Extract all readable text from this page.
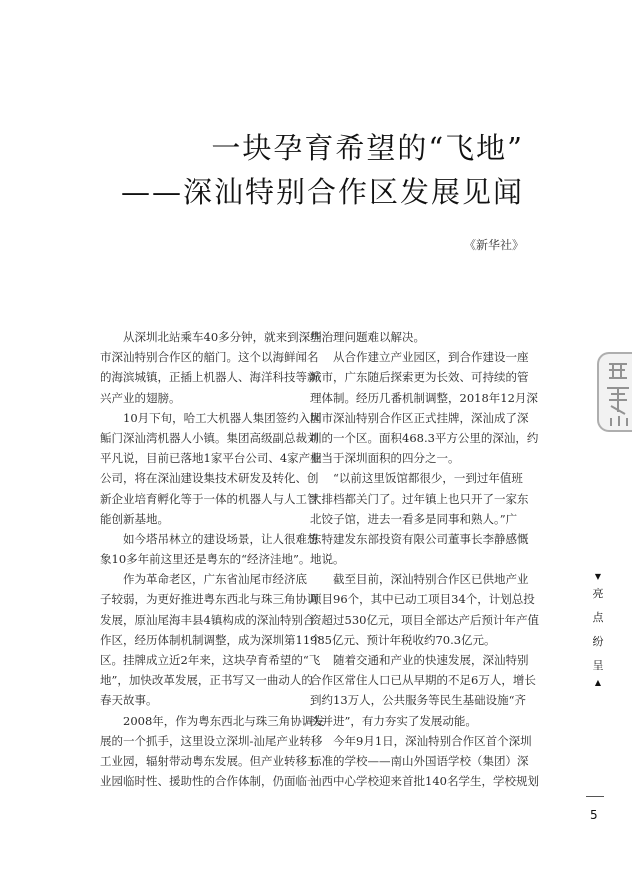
一块孕育希望的“飞地”
——深汕特别合作区发展见闻
《新华社》
从深圳北站乘车40多分钟，就来到深圳
市深汕特别合作区的艏门。这个以海鲜闻名
的海滨城镇，正插上机器人、海洋科技等新
兴产业的翅膀。
10月下旬，哈工大机器人集团签约入园
鲘门深汕湾机器人小镇。集团高级副总裁刘
平凡说，目前已落地1家平台公司、4家产业
公司，将在深汕建设集技术研发及转化、创
新企业培育孵化等于一体的机器人与人工智
能创新基地。
如今塔吊林立的建设场景，让人很难想
象10多年前这里还是粤东的“经济洼地”。
作为革命老区，广东省汕尾市经济底
子较弱，为更好推进粤东西北与珠三角协调
发展，原汕尾海丰县4镇构成的深汕特别合
作区，经历体制机制调整，成为深圳第11个
区。挂牌成立近2年来，这块孕育希望的“飞
地”，加快改革发展，正书写又一曲动人的
春天故事。
2008年，作为粤东西北与珠三角协调发
展的一个抓手，这里设立深圳-汕尾产业转移
工业园，辐射带动粤东发展。但产业转移工
业园临时性、援助性的合作体制，仍面临一
些治理问题难以解决。
从合作建立产业园区，到合作建设一座
城市，广东随后探索更为长效、可持续的管
理体制。经历几番机制调整，2018年12月深
圳市深汕特别合作区正式挂牌，深汕成了深
圳的一个区。面积468.3平方公里的深汕，约
相当于深圳面积的四分之一。
“以前这里饭馆都很少，一到过年值班
大排档都关门了。过年镇上也只开了一家东
北饺子馆，进去一看多是同事和熟人。”广
东特建发东部投资有限公司董事长李静感慨
地说。
截至目前，深汕特别合作区已供地产业
项目96个，其中已动工项目34个，计划总投
资超过530亿元，项目全部达产后预计年产值
985亿元、预计年税收约70.3亿元。
随着交通和产业的快速发展，深汕特别
合作区常住人口已从早期的不足6万人，增长
到约13万人，公共服务等民生基础设施“齐
头并进”，有力夯实了发展动能。
今年9月1日，深汕特别合作区首个深圳
标准的学校——南山外国语学校（集团）深
汕西中心学校迎来首批140名学生，学校规划
▼
亮
点
纷
呈
▲
5
